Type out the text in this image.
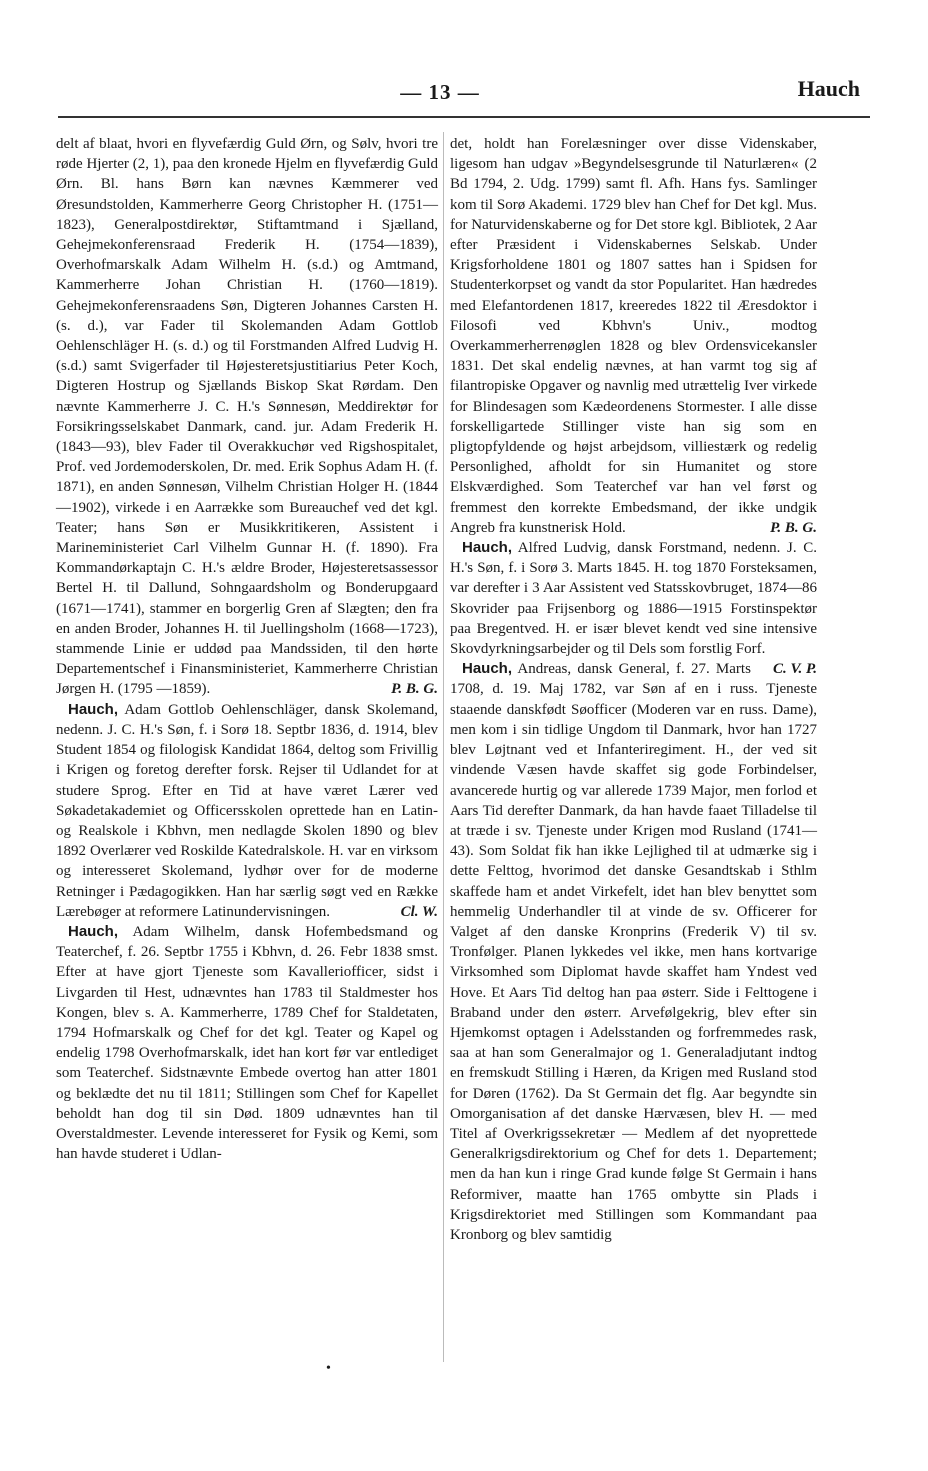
— 13 —	Hauch

delt af blaat, hvori en flyvefærdig Guld Ørn, og Sølv, hvori tre røde Hjerter (2, 1), paa den kronede Hjelm en flyvefærdig Guld Ørn. Bl. hans Børn kan nævnes Kæmmerer ved Øresundstolden, Kammerherre Georg Christopher H. (1751—1823), Generalpostdirektør, Stiftamtmand i Sjælland, Gehejmekonferensraad Frederik H. (1754—1839), Overhofmarskalk Adam Wilhelm H. (s.d.) og Amtmand, Kammerherre Johan Christian H. (1760—1819). Gehejmekonferensraadens Søn, Digteren Johannes Carsten H. (s. d.), var Fader til Skolemanden Adam Gottlob Oehlenschläger H. (s. d.) og til Forstmanden Alfred Ludvig H. (s.d.) samt Svigerfader til Højesteretsjustitiarius Peter Koch, Digteren Hostrup og Sjællands Biskop Skat Rørdam. Den nævnte Kammerherre J. C. H.'s Sønnesøn, Meddirektør for Forsikringsselskabet Danmark, cand. jur. Adam Frederik H. (1843—93), blev Fader til Overakkuchør ved Rigshospitalet, Prof. ved Jordemoderskolen, Dr. med. Erik Sophus Adam H. (f. 1871), en anden Sønnesøn, Vilhelm Christian Holger H. (1844—1902), virkede i en Aarrække som Bureauchef ved det kgl. Teater; hans Søn er Musikkritikeren, Assistent i Marineministeriet Carl Vilhelm Gunnar H. (f. 1890). Fra Kommandørkaptajn C. H.'s ældre Broder, Højesteretsassessor Bertel H. til Dallund, Sohngaardsholm og Bonderupgaard (1671—1741), stammer en borgerlig Gren af Slægten; den fra en anden Broder, Johannes H. til Juellingsholm (1668—1723), stammende Linie er uddød paa Mandssiden, til den hørte Departementschef i Finansministeriet, Kammerherre Christian Jørgen H. (1795 —1859).	P. B. G.

Hauch, Adam Gottlob Oehlenschläger, dansk Skolemand, nedenn. J. C. H.'s Søn, f. i Sorø 18. Septbr 1836, d. 1914, blev Student 1854 og filologisk Kandidat 1864, deltog som Frivillig i Krigen og foretog derefter forsk. Rejser til Udlandet for at studere Sprog. Efter en Tid at have været Lærer ved Søkadetakademiet og Officersskolen oprettede han en Latin- og Realskole i Kbhvn, men nedlagde Skolen 1890 og blev 1892 Overlærer ved Roskilde Katedralskole. H. var en virksom og interesseret Skolemand, lydhør over for de moderne Retninger i Pædagogikken. Han har særlig søgt ved en Række Lærebøger at reformere Latinundervisningen.	Cl. W.

Hauch, Adam Wilhelm, dansk Hofembedsmand og Teaterchef, f. 26. Septbr 1755 i Kbhvn, d. 26. Febr 1838 smst. Efter at have gjort Tjeneste som Kavalleriofficer, sidst i Livgarden til Hest, udnævntes han 1783 til Staldmester hos Kongen, blev s. A. Kammerherre, 1789 Chef for Staldetaten, 1794 Hofmarskalk og Chef for det kgl. Teater og Kapel og endelig 1798 Overhofmarskalk, idet han kort før var entlediget som Teaterchef. Sidstnævnte Embede overtog han atter 1801 og beklædte det nu til 1811; Stillingen som Chef for Kapellet beholdt han dog til sin Død. 1809 udnævntes han til Overstaldmester. Levende interesseret for Fysik og Kemi, som han havde studeret i Udlan-

det, holdt han Forelæsninger over disse Videnskaber, ligesom han udgav »Begyndelsesgrunde til Naturlæren« (2 Bd 1794, 2. Udg. 1799) samt fl. Afh. Hans fys. Samlinger kom til Sorø Akademi. 1729 blev han Chef for Det kgl. Mus. for Naturvidenskaberne og for Det store kgl. Bibliotek, 2 Aar efter Præsident i Videnskabernes Selskab. Under Krigsforholdene 1801 og 1807 sattes han i Spidsen for Studenterkorpset og vandt da stor Popularitet. Han hædredes med Elefantordenen 1817, kreeredes 1822 til Æresdoktor i Filosofi ved Kbhvn's Univ., modtog Overkammerherrenøglen 1828 og blev Ordensvicekansler 1831. Det skal endelig nævnes, at han varmt tog sig af filantropiske Opgaver og navnlig med utrættelig Iver virkede for Blindesagen som Kædeordenens Stormester. I alle disse forskelligartede Stillinger viste han sig som en pligtopfyldende og højst arbejdsom, villiestærk og redelig Personlighed, afholdt for sin Humanitet og store Elskværdighed. Som Teaterchef var han vel først og fremmest den korrekte Embedsmand, der ikke undgik Angreb fra kunstnerisk Hold.	P. B. G.

Hauch, Alfred Ludvig, dansk Forstmand, nedenn. J. C. H.'s Søn, f. i Sorø 3. Marts 1845. H. tog 1870 Forsteksamen, var derefter i 3 Aar Assistent ved Statsskovbruget, 1874—86 Skovrider paa Frijsenborg og 1886—1915 Forstinspektør paa Bregentved. H. er især blevet kendt ved sine intensive Skovdyrkningsarbejder og til Dels som forstlig Forf.
C. V. P.

Hauch, Andreas, dansk General, f. 27. Marts 1708, d. 19. Maj 1782, var Søn af en i russ. Tjeneste staaende danskfødt Søofficer (Moderen var en russ. Dame), men kom i sin tidlige Ungdom til Danmark, hvor han 1727 blev Løjtnant ved et Infanteriregiment. H., der ved sit vindende Væsen havde skaffet sig gode Forbindelser, avancerede hurtig og var allerede 1739 Major, men forlod et Aars Tid derefter Danmark, da han havde faaet Tilladelse til at træde i sv. Tjeneste under Krigen mod Rusland (1741—43). Som Soldat fik han ikke Lejlighed til at udmærke sig i dette Felttog, hvorimod det danske Gesandtskab i Sthlm skaffede ham et andet Virkefelt, idet han blev benyttet som hemmelig Underhandler til at vinde de sv. Officerer for Valget af den danske Kronprins (Frederik V) til sv. Tronfølger. Planen lykkedes vel ikke, men hans kortvarige Virksomhed som Diplomat havde skaffet ham Yndest ved Hove. Et Aars Tid deltog han paa østerr. Side i Felttogene i Braband under den østerr. Arvefølgekrig, blev efter sin Hjemkomst optagen i Adelsstanden og forfremmedes rask, saa at han som Generalmajor og 1. Generaladjutant indtog en fremskudt Stilling i Hæren, da Krigen med Rusland stod for Døren (1762). Da St Germain det flg. Aar begyndte sin Omorganisation af det danske Hærvæsen, blev H. — med Titel af Overkrigssekretær — Medlem af det nyoprettede Generalkrigsdirektorium og Chef for dets 1. Departement; men da han kun i ringe Grad kunde følge St Germain i hans Reformiver, maatte han 1765 ombytte sin Plads i Krigsdirektoriet med Stillingen som Kommandant paa Kronborg og blev samtidig

•
